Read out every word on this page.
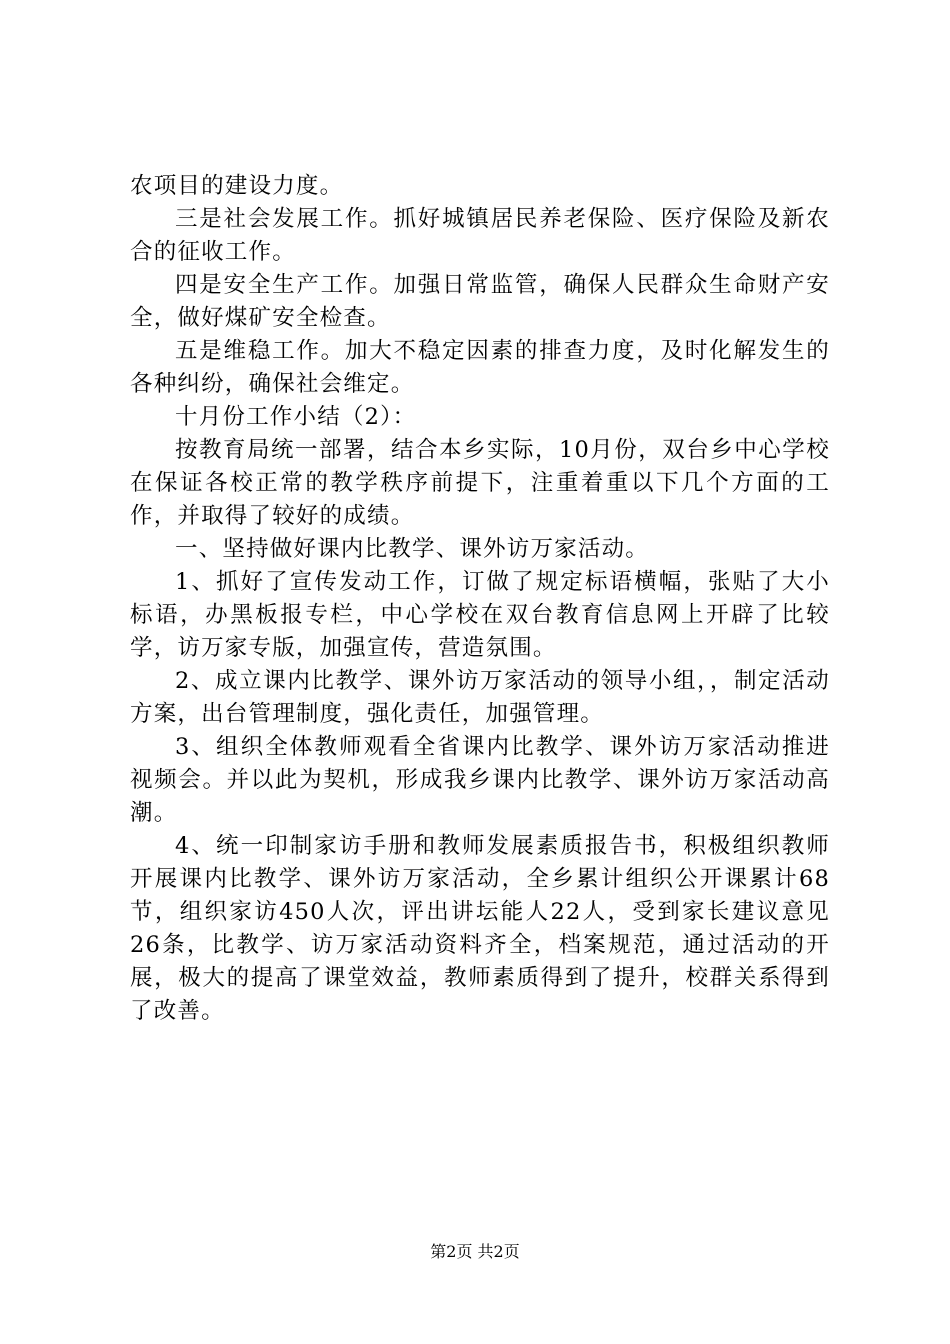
农项目的建设力度。

三是社会发展工作。抓好城镇居民养老保险、医疗保险及新农合的征收工作。

四是安全生产工作。加强日常监管，确保人民群众生命财产安全，做好煤矿安全检查。

五是维稳工作。加大不稳定因素的排查力度，及时化解发生的各种纠纷，确保社会维定。

十月份工作小结（2）：

按教育局统一部署，结合本乡实际，10月份，双台乡中心学校在保证各校正常的教学秩序前提下，注重着重以下几个方面的工作，并取得了较好的成绩。

一、坚持做好课内比教学、课外访万家活动。

1、抓好了宣传发动工作，订做了规定标语横幅，张贴了大小标语，办黑板报专栏，中心学校在双台教育信息网上开辟了比较学，访万家专版，加强宣传，营造氛围。

2、成立课内比教学、课外访万家活动的领导小组，，制定活动方案，出台管理制度，强化责任，加强管理。

3、组织全体教师观看全省课内比教学、课外访万家活动推进视频会。并以此为契机，形成我乡课内比教学、课外访万家活动高潮。

4、统一印制家访手册和教师发展素质报告书，积极组织教师开展课内比教学、课外访万家活动，全乡累计组织公开课累计68节，组织家访450人次，评出讲坛能人22人，受到家长建议意见26条，比教学、访万家活动资料齐全，档案规范，通过活动的开展，极大的提高了课堂效益，教师素质得到了提升，校群关系得到了改善。

第2页 共2页
